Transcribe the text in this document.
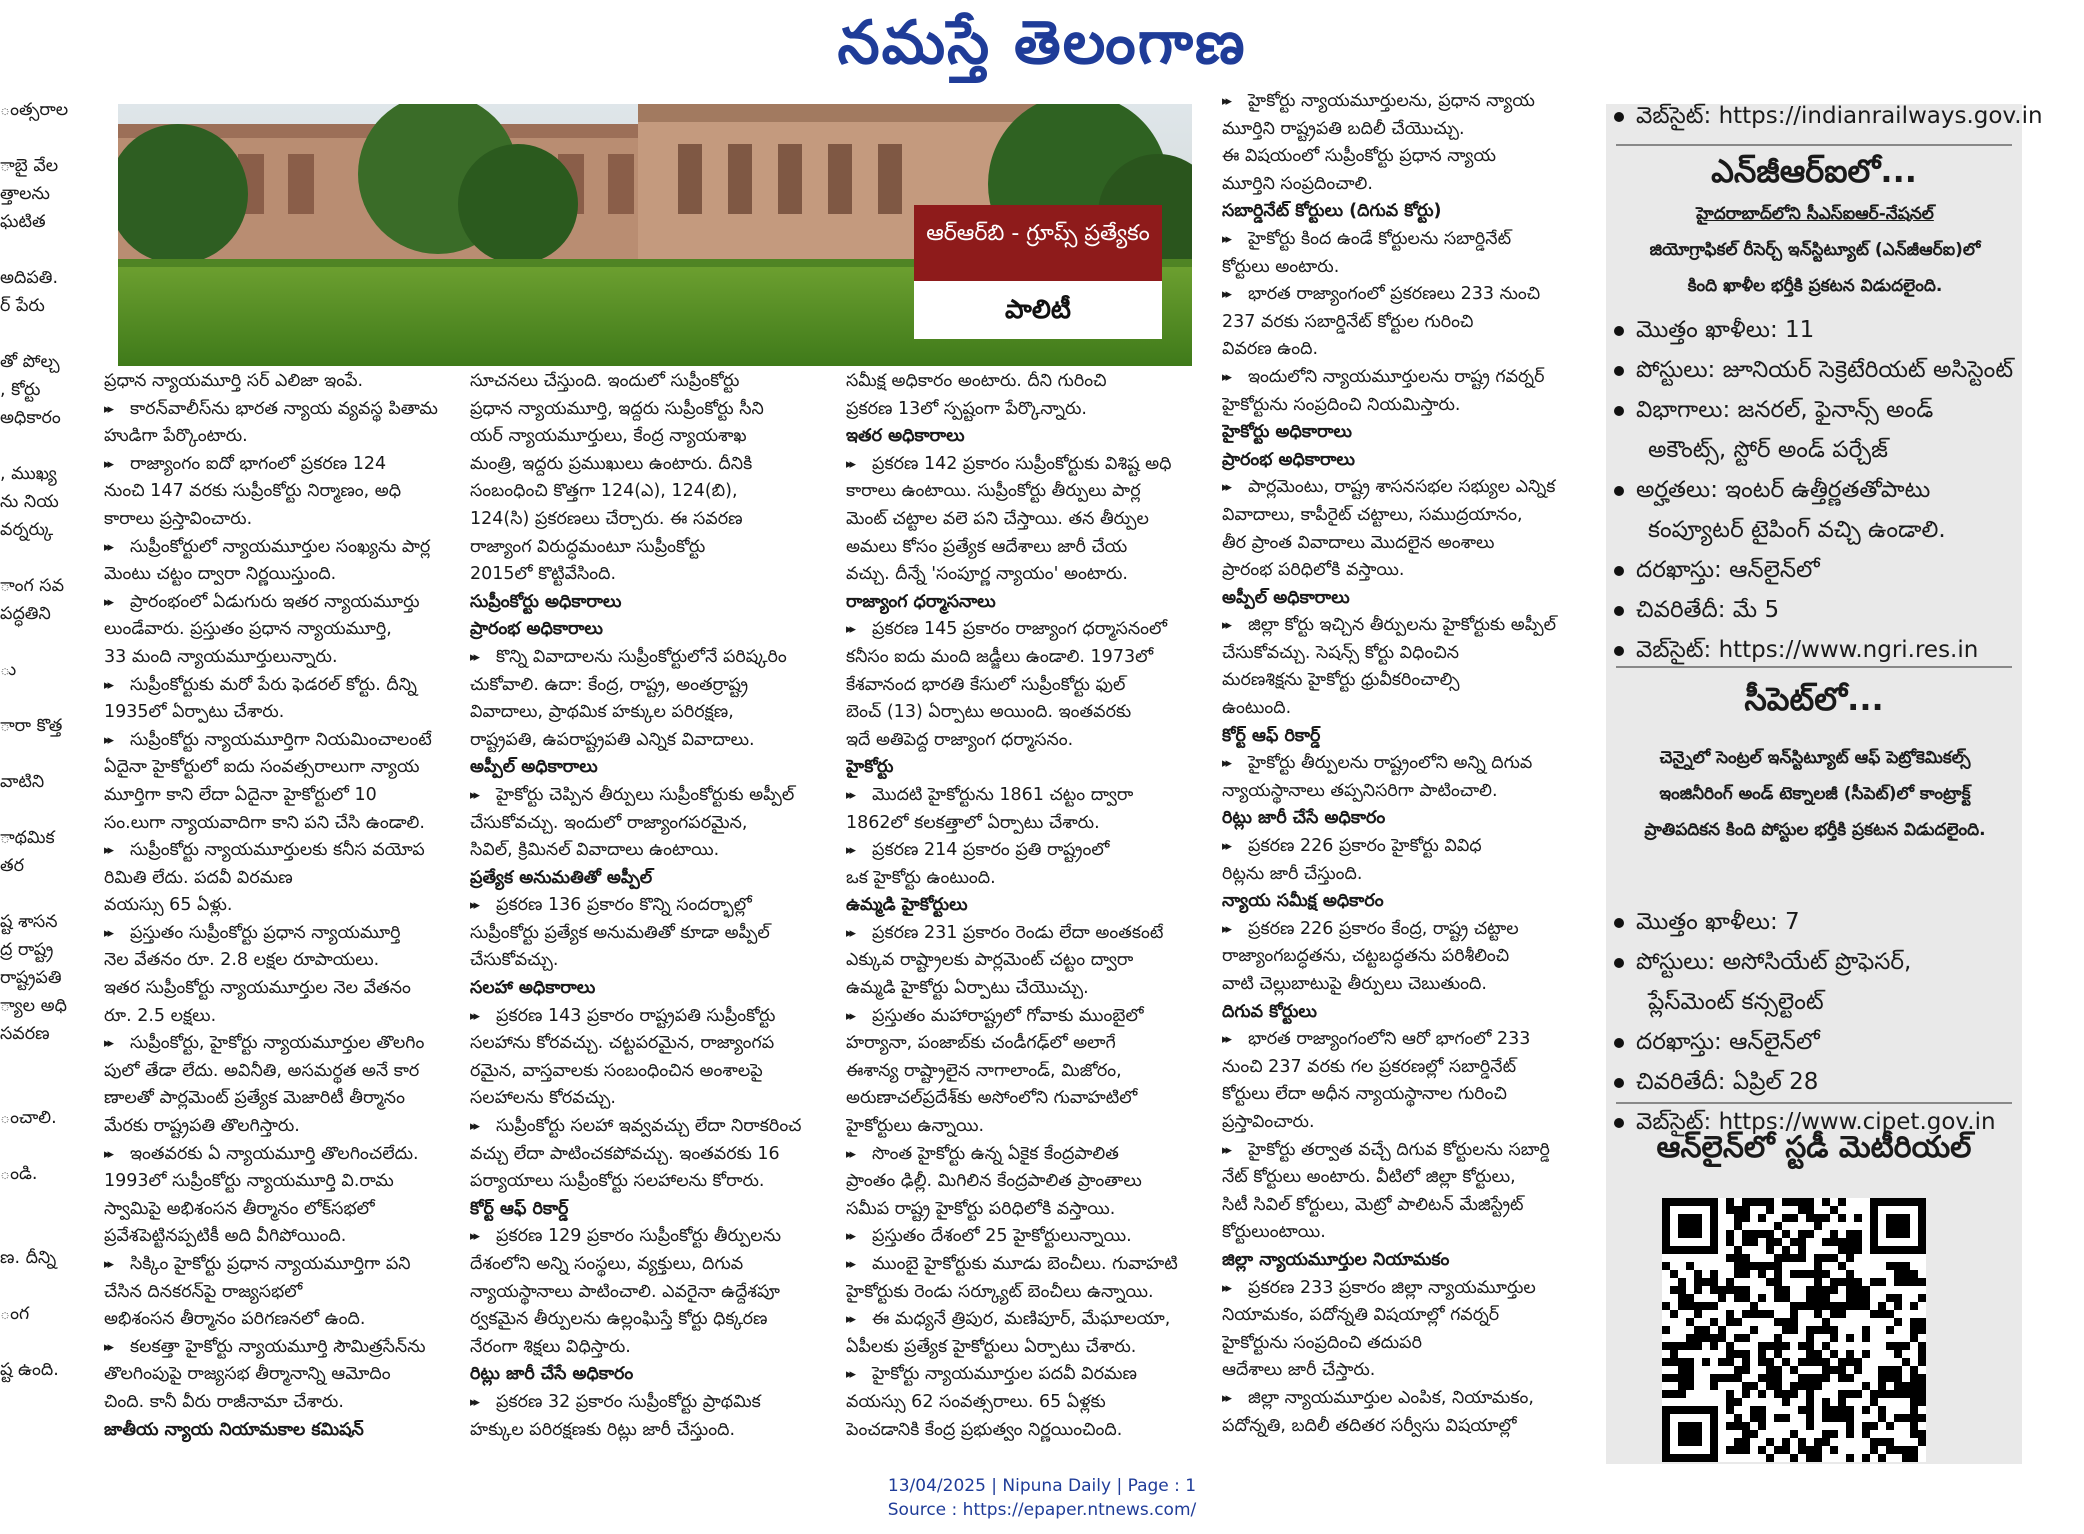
నమస్తే తెలంగాణ
ంత్సరాల
ాబై వేల
త్తాలను
ఘటిత
అదిపతి.
ర్ పేరు
తో పోల్చ
, కోర్టు
అధికారం
, ముఖ్య
ను నియ
వర్నర్కు
ాంగ సవ
పద్ధతిని
ు
ారా కొత్త
వాటిని
ాథమిక
తర
ష్ట శాసన
ద్ర రాష్ట్ర
రాష్ట్రపతి
్యాల అధి
సవరణ
ంచాలి.
ండి.
ణ. దీన్ని
ంగ
ష్ట ఉంది.
ఆర్ఆర్‌బి - గ్రూప్స్ ప్రత్యేకం
పాలిటీ
ప్రధాన న్యాయమూర్తి సర్ ఎలిజా ఇంపే.
▸▸ కారన్‌వాలీస్‌ను భారత న్యాయ వ్యవస్థ పితామ
హుడిగా పేర్కొంటారు.
▸▸ రాజ్యాంగం ఐదో భాగంలో ప్రకరణ 124
నుంచి 147 వరకు సుప్రీంకోర్టు నిర్మాణం, అధి
కారాలు ప్రస్తావించారు.
▸▸ సుప్రీంకోర్టులో న్యాయమూర్తుల సంఖ్యను పార్ల
మెంటు చట్టం ద్వారా నిర్ణయిస్తుంది.
▸▸ ప్రారంభంలో ఏడుగురు ఇతర న్యాయమూర్తు
లుండేవారు. ప్రస్తుతం ప్రధాన న్యాయమూర్తి,
33 మంది న్యాయమూర్తులున్నారు.
▸▸ సుప్రీంకోర్టుకు మరో పేరు ఫెడరల్ కోర్టు. దీన్ని
1935లో ఏర్పాటు చేశారు.
▸▸ సుప్రీంకోర్టు న్యాయమూర్తిగా నియమించాలంటే
ఏదైనా హైకోర్టులో ఐదు సంవత్సరాలుగా న్యాయ
మూర్తిగా కాని లేదా ఏదైనా హైకోర్టులో 10
సం.లుగా న్యాయవాదిగా కాని పని చేసి ఉండాలి.
▸▸ సుప్రీంకోర్టు న్యాయమూర్తులకు కనీస వయోప
రిమితి లేదు. పదవీ విరమణ
వయస్సు 65 ఏళ్లు.
▸▸ ప్రస్తుతం సుప్రీంకోర్టు ప్రధాన న్యాయమూర్తి
నెల వేతనం రూ. 2.8 లక్షల రూపాయలు.
ఇతర సుప్రీంకోర్టు న్యాయమూర్తుల నెల వేతనం
రూ. 2.5 లక్షలు.
▸▸ సుప్రీంకోర్టు, హైకోర్టు న్యాయమూర్తుల తొలగిం
పులో తేడా లేదు. అవినీతి, అసమర్థత అనే కార
ణాలతో పార్లమెంట్ ప్రత్యేక మెజారిటీ తీర్మానం
మేరకు రాష్ట్రపతి తొలగిస్తారు.
▸▸ ఇంతవరకు ఏ న్యాయమూర్తి తొలగించలేదు.
1993లో సుప్రీంకోర్టు న్యాయమూర్తి వి.రామ
స్వామిపై అభిశంసన తీర్మానం లోక్‌సభలో
ప్రవేశపెట్టినప్పటికీ అది వీగిపోయింది.
▸▸ సిక్కిం హైకోర్టు ప్రధాన న్యాయమూర్తిగా పని
చేసిన దినకరన్‌పై రాజ్యసభలో
అభిశంసన తీర్మానం పరిగణనలో ఉంది.
▸▸ కలకత్తా హైకోర్టు న్యాయమూర్తి సౌమిత్రసేన్‌ను
తొలగింపుపై రాజ్యసభ తీర్మానాన్ని ఆమోదిం
చింది. కానీ వీరు రాజీనామా చేశారు.
జాతీయ న్యాయ నియామకాల కమిషన్
సూచనలు చేస్తుంది. ఇందులో సుప్రీంకోర్టు
ప్రధాన న్యాయమూర్తి, ఇద్దరు సుప్రీంకోర్టు సీని
యర్ న్యాయమూర్తులు, కేంద్ర న్యాయశాఖ
మంత్రి, ఇద్దరు ప్రముఖులు ఉంటారు. దీనికి
సంబంధించి కొత్తగా 124(ఎ), 124(బి),
124(సి) ప్రకరణలు చేర్చారు. ఈ సవరణ
రాజ్యాంగ విరుద్ధమంటూ సుప్రీంకోర్టు
2015లో కొట్టివేసింది.
సుప్రీంకోర్టు అధికారాలు
ప్రారంభ అధికారాలు
▸▸ కొన్ని వివాదాలను సుప్రీంకోర్టులోనే పరిష్కరిం
చుకోవాలి. ఉదా: కేంద్ర, రాష్ట్ర, అంతర్రాష్ట్ర
వివాదాలు, ప్రాథమిక హక్కుల పరిరక్షణ,
రాష్ట్రపతి, ఉపరాష్ట్రపతి ఎన్నిక వివాదాలు.
అప్పీల్ అధికారాలు
▸▸ హైకోర్టు చెప్పిన తీర్పులు సుప్రీంకోర్టుకు అప్పీల్
చేసుకోవచ్చు. ఇందులో రాజ్యాంగపరమైన,
సివిల్, క్రిమినల్ వివాదాలు ఉంటాయి.
ప్రత్యేక అనుమతితో అప్పీల్
▸▸ ప్రకరణ 136 ప్రకారం కొన్ని సందర్భాల్లో
సుప్రీంకోర్టు ప్రత్యేక అనుమతితో కూడా అప్పీల్
చేసుకోవచ్చు.
సలహా అధికారాలు
▸▸ ప్రకరణ 143 ప్రకారం రాష్ట్రపతి సుప్రీంకోర్టు
సలహాను కోరవచ్చు. చట్టపరమైన, రాజ్యాంగప
రమైన, వాస్తవాలకు సంబంధించిన అంశాలపై
సలహాలను కోరవచ్చు.
▸▸ సుప్రీంకోర్టు సలహా ఇవ్వవచ్చు లేదా నిరాకరించ
వచ్చు లేదా పాటించకపోవచ్చు. ఇంతవరకు 16
పర్యాయాలు సుప్రీంకోర్టు సలహాలను కోరారు.
కోర్ట్ ఆఫ్ రికార్డ్
▸▸ ప్రకరణ 129 ప్రకారం సుప్రీంకోర్టు తీర్పులను
దేశంలోని అన్ని సంస్థలు, వ్యక్తులు, దిగువ
న్యాయస్థానాలు పాటించాలి. ఎవరైనా ఉద్దేశపూ
ర్వకమైన తీర్పులను ఉల్లంఘిస్తే కోర్టు ధిక్కరణ
నేరంగా శిక్షలు విధిస్తారు.
రిట్లు జారీ చేసే అధికారం
▸▸ ప్రకరణ 32 ప్రకారం సుప్రీంకోర్టు ప్రాథమిక
హక్కుల పరిరక్షణకు రిట్లు జారీ చేస్తుంది.
సమీక్ష అధికారం అంటారు. దీని గురించి
ప్రకరణ 13లో స్పష్టంగా పేర్కొన్నారు.
ఇతర అధికారాలు
▸▸ ప్రకరణ 142 ప్రకారం సుప్రీంకోర్టుకు విశిష్ట అధి
కారాలు ఉంటాయి. సుప్రీంకోర్టు తీర్పులు పార్ల
మెంట్ చట్టాల వలె పని చేస్తాయి. తన తీర్పుల
అమలు కోసం ప్రత్యేక ఆదేశాలు జారీ చేయ
వచ్చు. దీన్నే 'సంపూర్ణ న్యాయం' అంటారు.
రాజ్యాంగ ధర్మాసనాలు
▸▸ ప్రకరణ 145 ప్రకారం రాజ్యాంగ ధర్మాసనంలో
కనీసం ఐదు మంది జడ్జీలు ఉండాలి. 1973లో
కేశవానంద భారతి కేసులో సుప్రీంకోర్టు ఫుల్
బెంచ్ (13) ఏర్పాటు అయింది. ఇంతవరకు
ఇదే అతిపెద్ద రాజ్యాంగ ధర్మాసనం.
హైకోర్టు
▸▸ మొదటి హైకోర్టును 1861 చట్టం ద్వారా
1862లో కలకత్తాలో ఏర్పాటు చేశారు.
▸▸ ప్రకరణ 214 ప్రకారం ప్రతి రాష్ట్రంలో
ఒక హైకోర్టు ఉంటుంది.
ఉమ్మడి హైకోర్టులు
▸▸ ప్రకరణ 231 ప్రకారం రెండు లేదా అంతకంటే
ఎక్కువ రాష్ట్రాలకు పార్లమెంట్ చట్టం ద్వారా
ఉమ్మడి హైకోర్టు ఏర్పాటు చేయొచ్చు.
▸▸ ప్రస్తుతం మహారాష్ట్రలో గోవాకు ముంబైలో
హర్యానా, పంజాబ్‌కు చండీగఢ్‌లో అలాగే
ఈశాన్య రాష్ట్రాలైన నాగాలాండ్, మిజోరం,
అరుణాచల్‌ప్రదేశ్‌కు అసోంలోని గువాహటిలో
హైకోర్టులు ఉన్నాయి.
▸▸ సొంత హైకోర్టు ఉన్న ఏకైక కేంద్రపాలిత
ప్రాంతం ఢిల్లీ. మిగిలిన కేంద్రపాలిత ప్రాంతాలు
సమీప రాష్ట్ర హైకోర్టు పరిధిలోకి వస్తాయి.
▸▸ ప్రస్తుతం దేశంలో 25 హైకోర్టులున్నాయి.
▸▸ ముంబై హైకోర్టుకు మూడు బెంచీలు. గువాహటి
హైకోర్టుకు రెండు సర్క్యూట్ బెంచీలు ఉన్నాయి.
▸▸ ఈ మధ్యనే త్రిపుర, మణిపూర్, మేఘాలయా,
ఏపీలకు ప్రత్యేక హైకోర్టులు ఏర్పాటు చేశారు.
▸▸ హైకోర్టు న్యాయమూర్తుల పదవీ విరమణ
వయస్సు 62 సంవత్సరాలు. 65 ఏళ్లకు
పెంచడానికి కేంద్ర ప్రభుత్వం నిర్ణయించింది.
▸▸ హైకోర్టు న్యాయమూర్తులను, ప్రధాన న్యాయ
మూర్తిని రాష్ట్రపతి బదిలీ చేయొచ్చు.
ఈ విషయంలో సుప్రీంకోర్టు ప్రధాన న్యాయ
మూర్తిని సంప్రదించాలి.
సబార్డినేట్ కోర్టులు (దిగువ కోర్టు)
▸▸ హైకోర్టు కింద ఉండే కోర్టులను సబార్డినేట్
కోర్టులు అంటారు.
▸▸ భారత రాజ్యాంగంలో ప్రకరణలు 233 నుంచి
237 వరకు సబార్డినేట్ కోర్టుల గురించి
వివరణ ఉంది.
▸▸ ఇందులోని న్యాయమూర్తులను రాష్ట్ర గవర్నర్
హైకోర్టును సంప్రదించి నియమిస్తారు.
హైకోర్టు అధికారాలు
ప్రారంభ అధికారాలు
▸▸ పార్లమెంటు, రాష్ట్ర శాసనసభల సభ్యుల ఎన్నిక
వివాదాలు, కాపీరైట్ చట్టాలు, సముద్రయానం,
తీర ప్రాంత వివాదాలు మొదలైన అంశాలు
ప్రారంభ పరిధిలోకి వస్తాయి.
అప్పీల్ అధికారాలు
▸▸ జిల్లా కోర్టు ఇచ్చిన తీర్పులను హైకోర్టుకు అప్పీల్
చేసుకోవచ్చు. సెషన్స్ కోర్టు విధించిన
మరణశిక్షను హైకోర్టు ధ్రువీకరించాల్సి
ఉంటుంది.
కోర్ట్ ఆఫ్ రికార్డ్
▸▸ హైకోర్టు తీర్పులను రాష్ట్రంలోని అన్ని దిగువ
న్యాయస్థానాలు తప్పనిసరిగా పాటించాలి.
రిట్లు జారీ చేసే అధికారం
▸▸ ప్రకరణ 226 ప్రకారం హైకోర్టు వివిధ
రిట్లను జారీ చేస్తుంది.
న్యాయ సమీక్ష అధికారం
▸▸ ప్రకరణ 226 ప్రకారం కేంద్ర, రాష్ట్ర చట్టాల
రాజ్యాంగబద్ధతను, చట్టబద్ధతను పరిశీలించి
వాటి చెల్లుబాటుపై తీర్పులు చెబుతుంది.
దిగువ కోర్టులు
▸▸ భారత రాజ్యాంగంలోని ఆరో భాగంలో 233
నుంచి 237 వరకు గల ప్రకరణల్లో సబార్డినేట్
కోర్టులు లేదా అధీన న్యాయస్థానాల గురించి
ప్రస్తావించారు.
▸▸ హైకోర్టు తర్వాత వచ్చే దిగువ కోర్టులను సబార్డి
నేట్ కోర్టులు అంటారు. వీటిలో జిల్లా కోర్టులు,
సిటీ సివిల్ కోర్టులు, మెట్రో పాలిటన్ మేజిస్ట్రేట్
కోర్టులుంటాయి.
జిల్లా న్యాయమూర్తుల నియామకం
▸▸ ప్రకరణ 233 ప్రకారం జిల్లా న్యాయమూర్తుల
నియామకం, పదోన్నతి విషయాల్లో గవర్నర్
హైకోర్టును సంప్రదించి తదుపరి
ఆదేశాలు జారీ చేస్తారు.
▸▸ జిల్లా న్యాయమూర్తుల ఎంపిక, నియామకం,
పదోన్నతి, బదిలీ తదితర సర్వీసు విషయాల్లో
వెబ్‌సైట్: https://indianrailways.gov.in
ఎన్‌జీఆర్ఐలో...
హైదరాబాద్‌లోని సీఎస్ఐఆర్-నేషనల్
జియోగ్రాఫికల్ రీసెర్చ్ ఇన్‌స్టిట్యూట్ (ఎన్‌జీఆర్ఐ)లో
కింది ఖాళీల భర్తీకి ప్రకటన విడుదలైంది.
మొత్తం ఖాళీలు: 11
పోస్టులు: జూనియర్ సెక్రెటేరియట్ అసిస్టెంట్
విభాగాలు: జనరల్, ఫైనాన్స్ అండ్
అకౌంట్స్, స్టోర్ అండ్ పర్చేజ్
అర్హతలు: ఇంటర్ ఉత్తీర్ణతతోపాటు
కంప్యూటర్ టైపింగ్ వచ్చి ఉండాలి.
దరఖాస్తు: ఆన్‌లైన్‌లో
చివరితేదీ: మే 5
వెబ్‌సైట్: https://www.ngri.res.in
సీపెట్‌లో...
చెన్నైలో సెంట్రల్ ఇన్‌స్టిట్యూట్ ఆఫ్ పెట్రోకెమికల్స్
ఇంజినీరింగ్ అండ్ టెక్నాలజీ (సీపెట్)లో కాంట్రాక్ట్
ప్రాతిపదికన కింది పోస్టుల భర్తీకి ప్రకటన విడుదలైంది.
మొత్తం ఖాళీలు: 7
పోస్టులు: అసోసియేట్ ప్రొఫెసర్,
ప్లేస్‌మెంట్ కన్సల్టెంట్
దరఖాస్తు: ఆన్‌లైన్‌లో
చివరితేదీ: ఏప్రిల్ 28
వెబ్‌సైట్: https://www.cipet.gov.in
ఆన్‌లైన్‌లో స్టడీ మెటీరియల్
13/04/2025 | Nipuna Daily | Page : 1
Source : https://epaper.ntnews.com/
